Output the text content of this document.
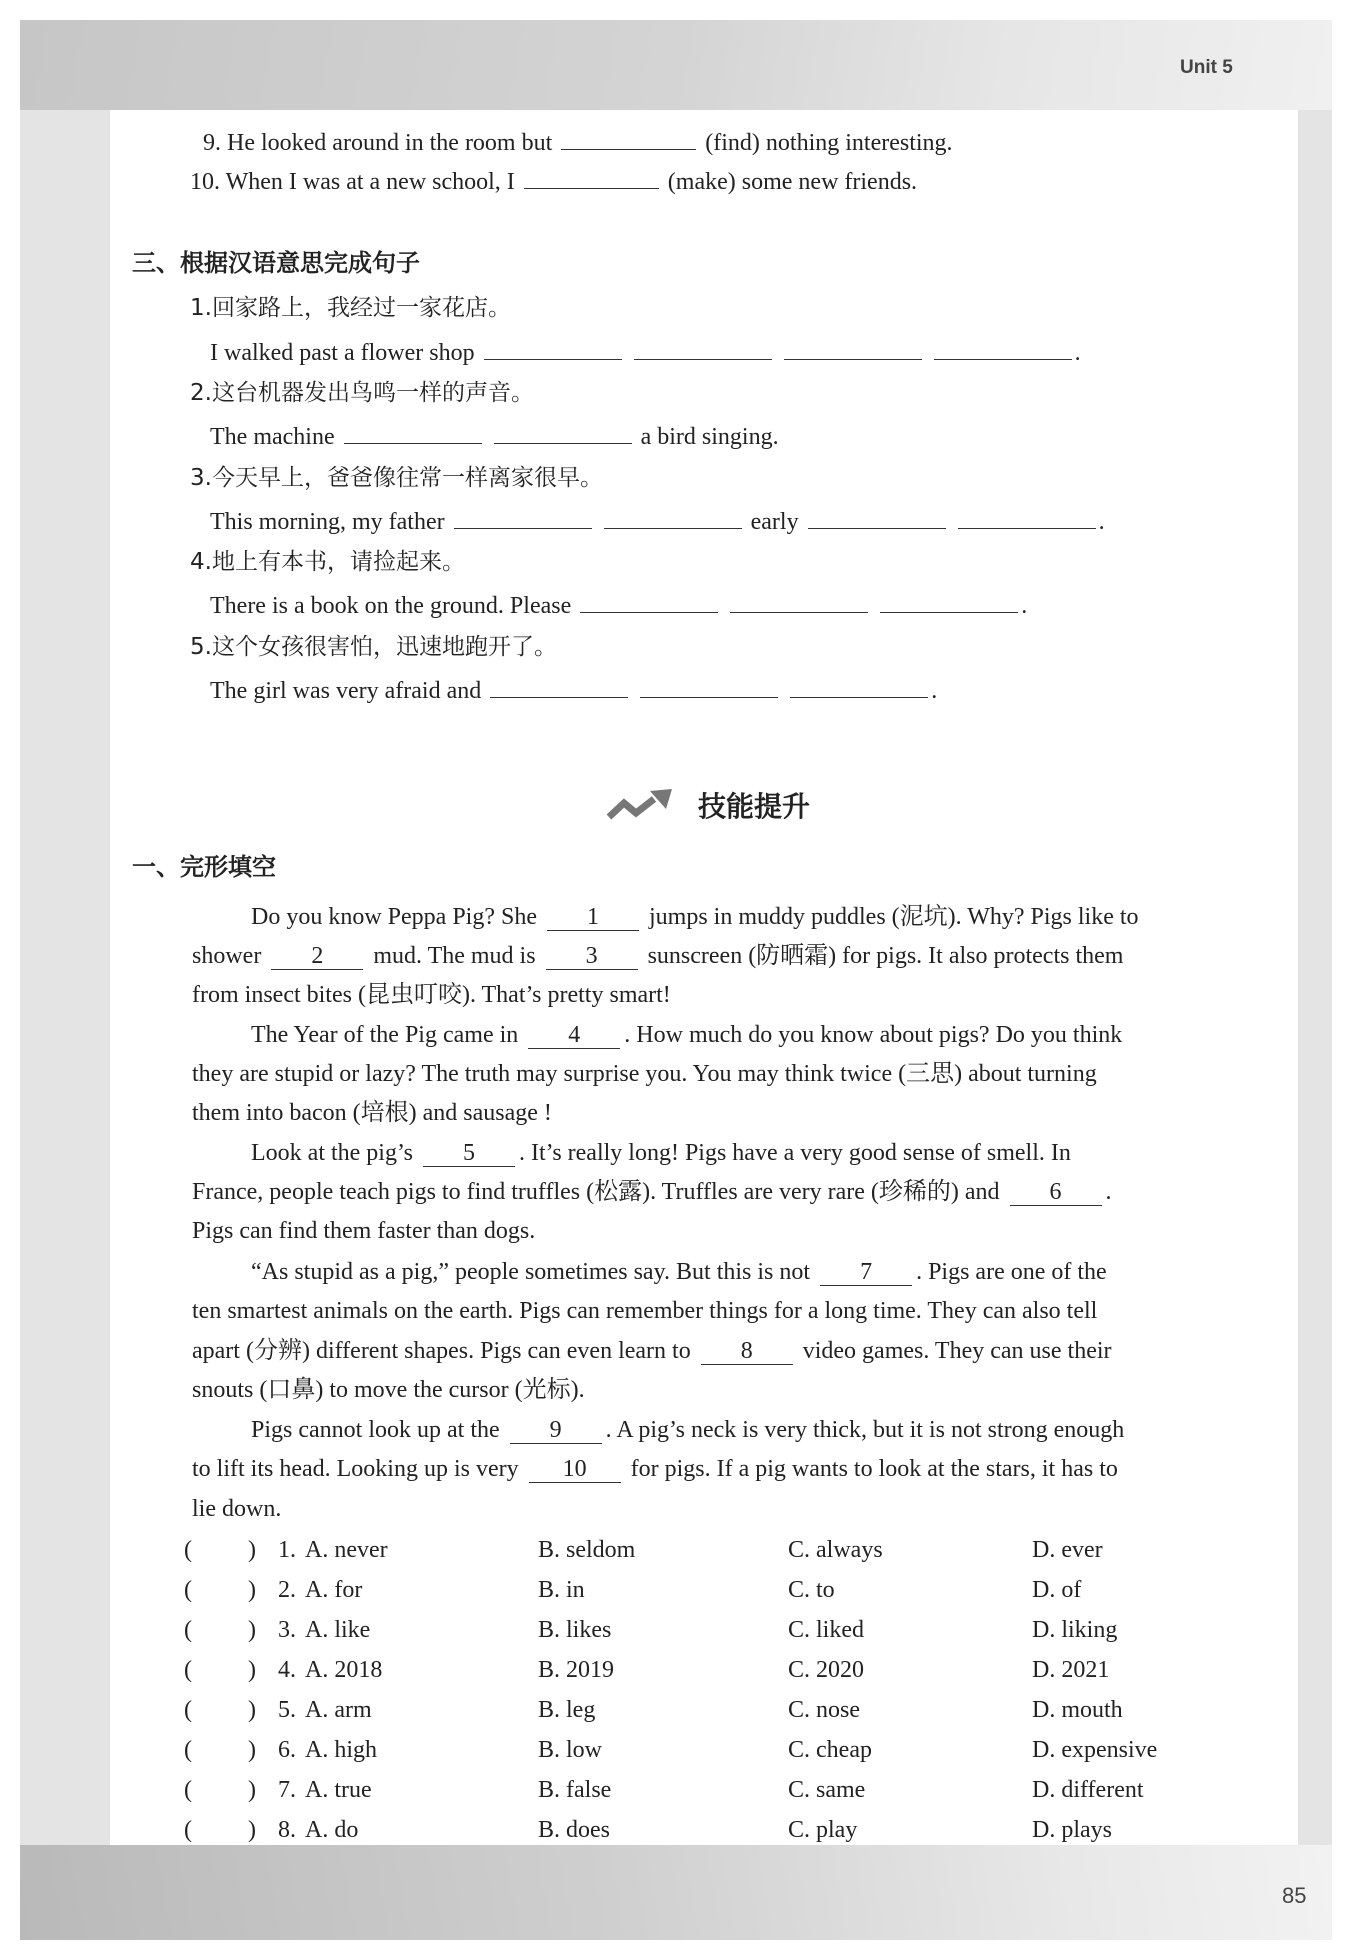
Unit 5
85
9. He looked around in the room but	(find) nothing interesting.
10. When I was at a new school, I	(make) some new friends.
三、根据汉语意思完成句子
1.回家路上，我经过一家花店。
I walked past a flower shop	.
2.这台机器发出鸟鸣一样的声音。
The machine	a bird singing.
3.今天早上，爸爸像往常一样离家很早。
This morning, my father	early	.
4.地上有本书，请捡起来。
There is a book on the ground. Please	.
5.这个女孩很害怕，迅速地跑开了。
The girl was very afraid and	.
技能提升
一、完形填空
Do you know Peppa Pig? She 1 jumps in muddy puddles (泥坑). Why? Pigs like to
shower 2 mud. The mud is 3 sunscreen (防晒霜) for pigs. It also protects them
from insect bites (昆虫叮咬). That’s pretty smart!
The Year of the Pig came in 4 . How much do you know about pigs? Do you think
they are stupid or lazy? The truth may surprise you. You may think twice (三思) about turning
them into bacon (培根) and sausage !
Look at the pig’s 5 . It’s really long! Pigs have a very good sense of smell. In
France, people teach pigs to find truffles (松露). Truffles are very rare (珍稀的) and 6 .
Pigs can find them faster than dogs.
“As stupid as a pig,” people sometimes say. But this is not 7 . Pigs are one of the
ten smartest animals on the earth. Pigs can remember things for a long time. They can also tell
apart (分辨) different shapes. Pigs can even learn to 8 video games. They can use their
snouts (口鼻) to move the cursor (光标).
Pigs cannot look up at the 9 . A pig’s neck is very thick, but it is not strong enough
to lift its head. Looking up is very 10 for pigs. If a pig wants to look at the stars, it has to
lie down.
( ) 1. A. never	B. seldom	C. always	D. ever
( ) 2. A. for	B. in	C. to	D. of
( ) 3. A. like	B. likes	C. liked	D. liking
( ) 4. A. 2018	B. 2019	C. 2020	D. 2021
( ) 5. A. arm	B. leg	C. nose	D. mouth
( ) 6. A. high	B. low	C. cheap	D. expensive
( ) 7. A. true	B. false	C. same	D. different
( ) 8. A. do	B. does	C. play	D. plays
